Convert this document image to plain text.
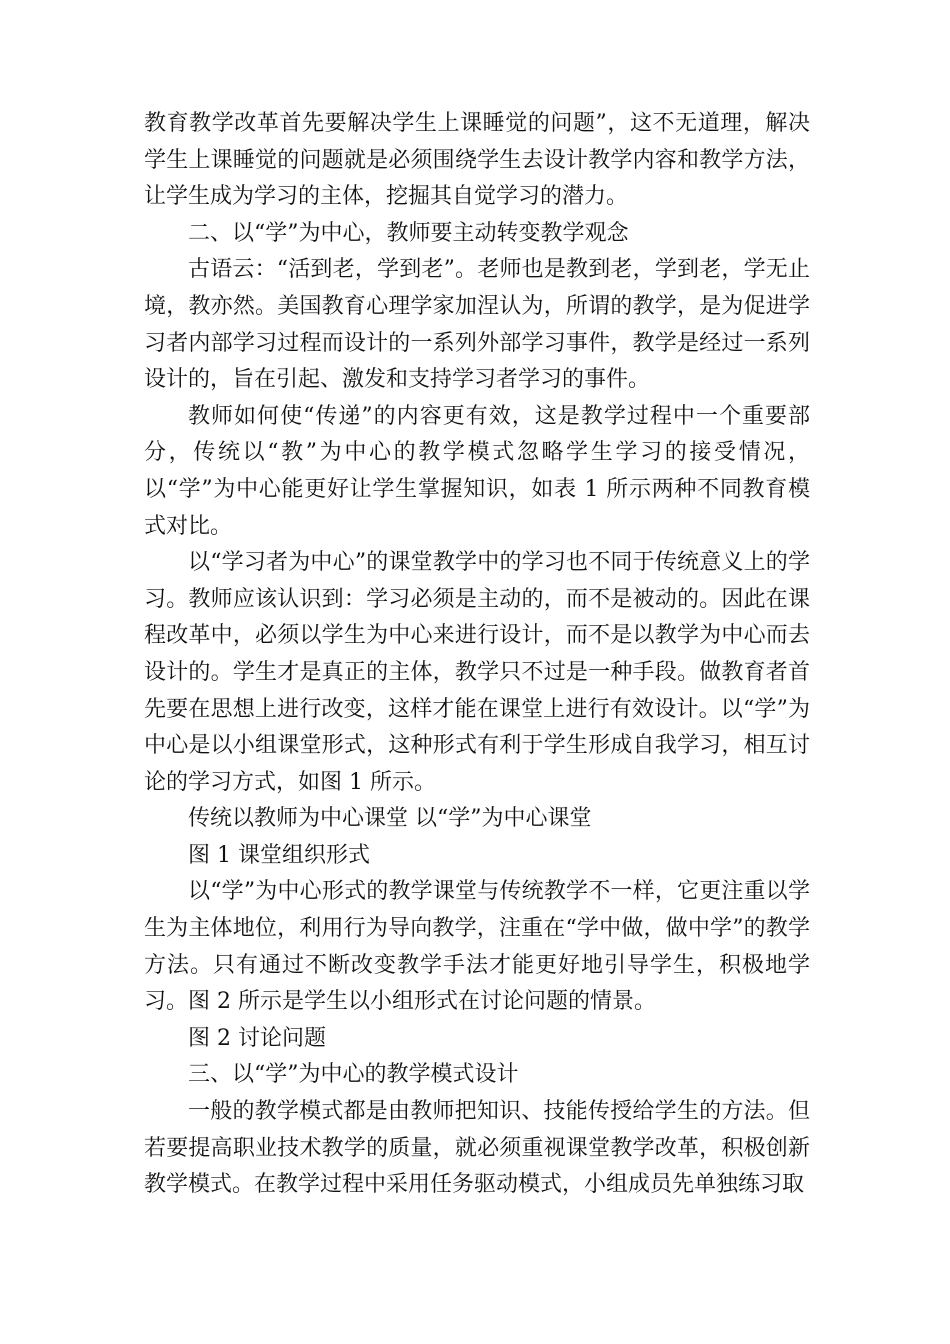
教育教学改革首先要解决学生上课睡觉的问题”，这不无道理，解决学生上课睡觉的问题就是必须围绕学生去设计教学内容和教学方法，让学生成为学习的主体，挖掘其自觉学习的潜力。

二、以“学”为中心，教师要主动转变教学观念

古语云：“活到老，学到老”。老师也是教到老，学到老，学无止境，教亦然。美国教育心理学家加涅认为，所谓的教学，是为促进学习者内部学习过程而设计的一系列外部学习事件，教学是经过一系列设计的，旨在引起、激发和支持学习者学习的事件。

教师如何使“传递”的内容更有效，这是教学过程中一个重要部分，传统以“教”为中心的教学模式忽略学生学习的接受情况，以“学”为中心能更好让学生掌握知识，如表 1 所示两种不同教育模式对比。

以“学习者为中心”的课堂教学中的学习也不同于传统意义上的学习。教师应该认识到：学习必须是主动的，而不是被动的。因此在课程改革中，必须以学生为中心来进行设计，而不是以教学为中心而去设计的。学生才是真正的主体，教学只不过是一种手段。做教育者首先要在思想上进行改变，这样才能在课堂上进行有效设计。以“学”为中心是以小组课堂形式，这种形式有利于学生形成自我学习，相互讨论的学习方式，如图 1 所示。

传统以教师为中心课堂 以“学”为中心课堂

图 1 课堂组织形式

以“学”为中心形式的教学课堂与传统教学不一样，它更注重以学生为主体地位，利用行为导向教学，注重在“学中做，做中学”的教学方法。只有通过不断改变教学手法才能更好地引导学生，积极地学习。图 2 所示是学生以小组形式在讨论问题的情景。

图 2 讨论问题

三、以“学”为中心的教学模式设计

一般的教学模式都是由教师把知识、技能传授给学生的方法。但若要提高职业技术教学的质量，就必须重视课堂教学改革，积极创新教学模式。在教学过程中采用任务驱动模式，小组成员先单独练习取
